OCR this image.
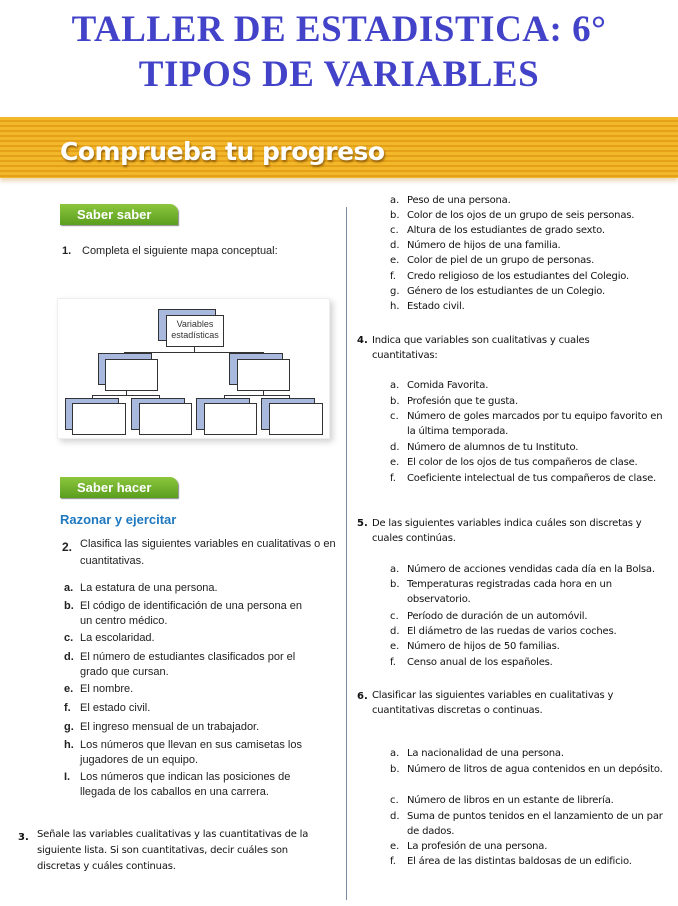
TALLER DE ESTADISTICA: 6°
TIPOS DE VARIABLES
Comprueba tu progreso
Saber saber
1. Completa el siguiente mapa conceptual:
Variables estadísticas
Saber hacer
Razonar y ejercitar
2. Clasifica las siguientes variables en cualitativas o en cuantitativas.
a. La estatura de una persona.
b. El código de identificación de una persona en un centro médico.
c. La escolaridad.
d. El número de estudiantes clasificados por el grado que cursan.
e. El nombre.
f. El estado civil.
g. El ingreso mensual de un trabajador.
h. Los números que llevan en sus camisetas los jugadores de un equipo.
I. Los números que indican las posiciones de llegada de los caballos en una carrera.
3. Señale las variables cualitativas y las cuantitativas de la siguiente lista. Si son cuantitativas, decir cuáles son discretas y cuáles continuas.
a. Peso de una persona.
b. Color de los ojos de un grupo de seis personas.
c. Altura de los estudiantes de grado sexto.
d. Número de hijos de una familia.
e. Color de piel de un grupo de personas.
f. Credo religioso de los estudiantes del Colegio.
g. Género de los estudiantes de un Colegio.
h. Estado civil.
4. Indica que variables son cualitativas y cuales cuantitativas:
a. Comida Favorita.
b. Profesión que te gusta.
c. Número de goles marcados por tu equipo favorito en la última temporada.
d. Número de alumnos de tu Instituto.
e. El color de los ojos de tus compañeros de clase.
f. Coeficiente intelectual de tus compañeros de clase.
5. De las siguientes variables indica cuáles son discretas y cuales continúas.
a. Número de acciones vendidas cada día en la Bolsa.
b. Temperaturas registradas cada hora en un observatorio.
c. Período de duración de un automóvil.
d. El diámetro de las ruedas de varios coches.
e. Número de hijos de 50 familias.
f. Censo anual de los españoles.
6. Clasificar las siguientes variables en cualitativas y cuantitativas discretas o continuas.
a. La nacionalidad de una persona.
b. Número de litros de agua contenidos en un depósito.
c. Número de libros en un estante de librería.
d. Suma de puntos tenidos en el lanzamiento de un par de dados.
e. La profesión de una persona.
f. El área de las distintas baldosas de un edificio.
